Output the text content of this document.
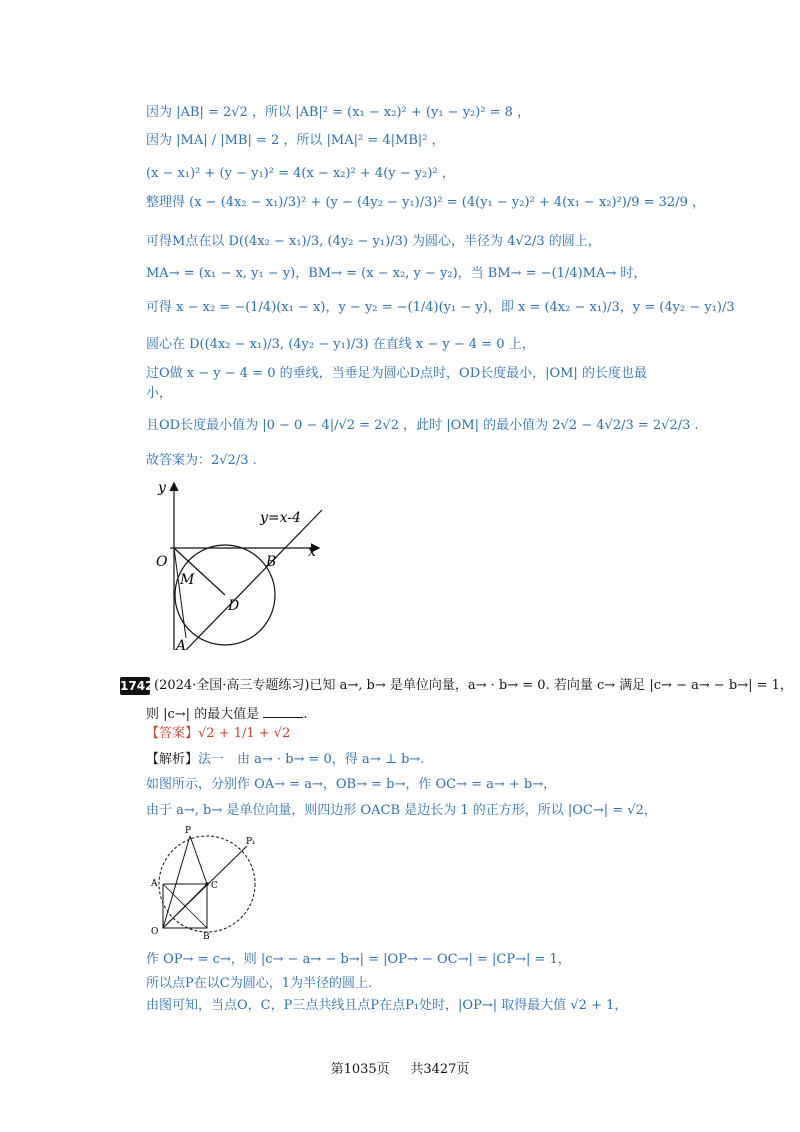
因为 |AB| = 2√2 ，所以 |AB|² = (x₁ − x₂)² + (y₁ − y₂)² = 8 ，
因为 |MA| / |MB| = 2 ，所以 |MA|² = 4|MB|² ，
(x − x₁)² + (y − y₁)² = 4(x − x₂)² + 4(y − y₂)² ，
整理得 (x − (4x₂ − x₁)/3)² + (y − (4y₂ − y₁)/3)² = (4(y₁ − y₂)² + 4(x₁ − x₂)²)/9 = 32/9 ，
可得M点在以 D((4x₂ − x₁)/3, (4y₂ − y₁)/3) 为圆心，半径为 4√2/3 的圆上，
MA→ = (x₁ − x, y₁ − y)，BM→ = (x − x₂, y − y₂)，当 BM→ = −(1/4)MA→ 时，
可得 x − x₂ = −(1/4)(x₁ − x)，y − y₂ = −(1/4)(y₁ − y)，即 x = (4x₂ − x₁)/3，y = (4y₂ − y₁)/3
圆心在 D((4x₂ − x₁)/3, (4y₂ − y₁)/3) 在直线 x − y − 4 = 0 上，
过O做 x − y − 4 = 0 的垂线，当垂足为圆心D点时，OD长度最小，|OM| 的长度也最
小，
且OD长度最小值为 |0 − 0 − 4|/√2 = 2√2 ，此时 |OM| 的最小值为 2√2 − 4√2/3 = 2√2/3 .
故答案为：2√2/3 .
y
x
O
y=x-4
M
B
D
A
1742 (2024·全国·高三专题练习)已知 a→, b→ 是单位向量，a→ · b→ = 0. 若向量 c→ 满足 |c→ − a→ − b→| = 1，
则 |c→| 的最大值是	.
【答案】√2 + 1/1 + √2
【解析】法一　由 a→ · b→ = 0，得 a→ ⊥ b→.
如图所示，分别作 OA→ = a→，OB→ = b→，作 OC→ = a→ + b→，
由于 a→, b→ 是单位向量，则四边形 OACB 是边长为 1 的正方形，所以 |OC→| = √2，
P
P₁
A	C
O	B
作 OP→ = c→，则 |c→ − a→ − b→| = |OP→ − OC→| = |CP→| = 1，
所以点P在以C为圆心，1为半径的圆上.
由图可知，当点O，C，P三点共线且点P在点P₁处时，|OP→| 取得最大值 √2 + 1，
第1035页 共3427页
